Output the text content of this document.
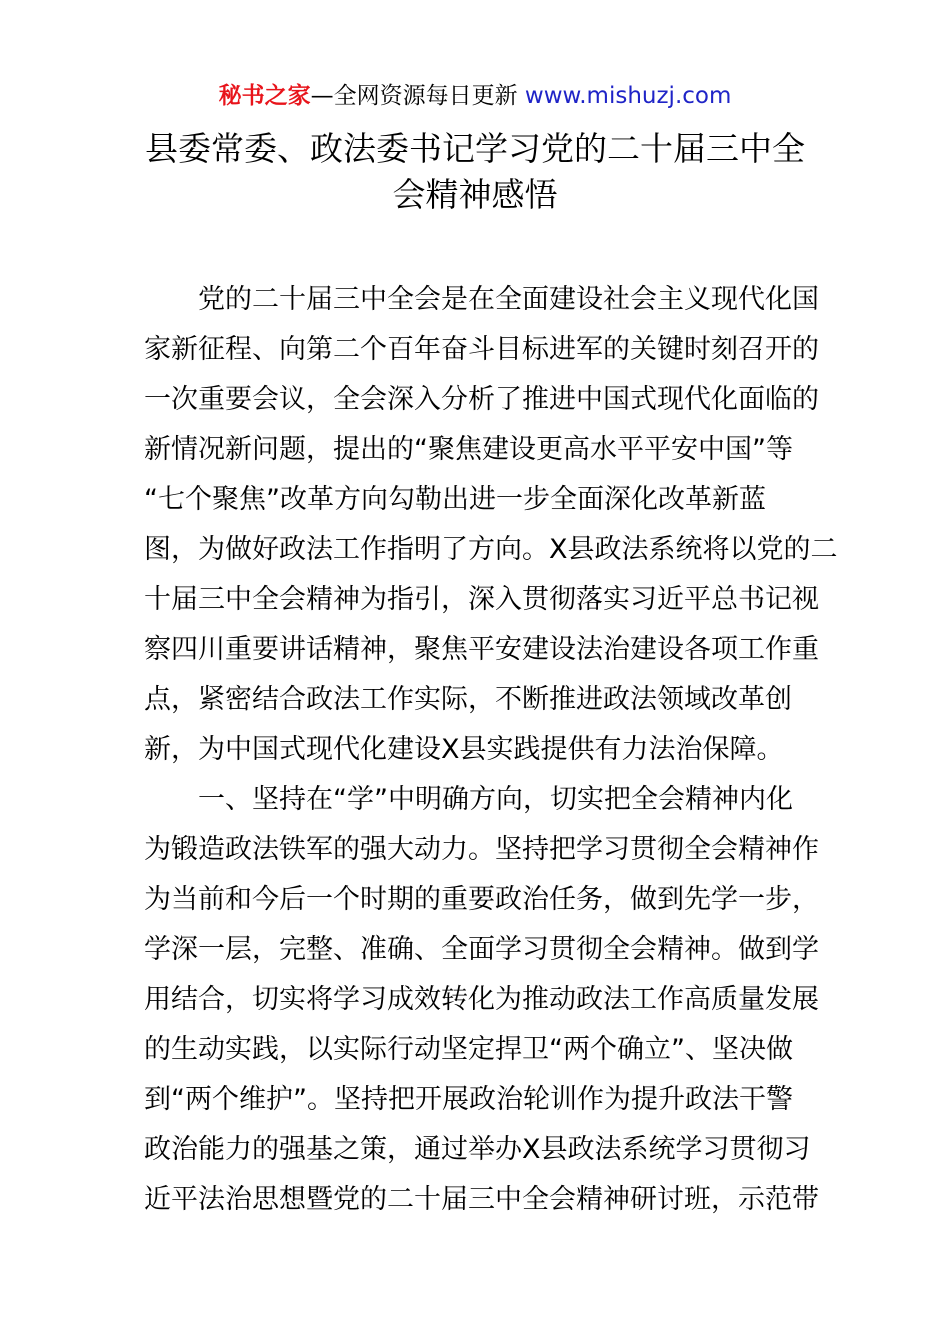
秘书之家—全网资源每日更新 www.mishuzj.com
县委常委、政法委书记学习党的二十届三中全
会精神感悟
党的二十届三中全会是在全面建设社会主义现代化国
家新征程、向第二个百年奋斗目标进军的关键时刻召开的
一次重要会议，全会深入分析了推进中国式现代化面临的
新情况新问题，提出的“聚焦建设更高水平平安中国”等
“七个聚焦”改革方向勾勒出进一步全面深化改革新蓝
图，为做好政法工作指明了方向。X县政法系统将以党的二
十届三中全会精神为指引，深入贯彻落实习近平总书记视
察四川重要讲话精神，聚焦平安建设法治建设各项工作重
点，紧密结合政法工作实际，不断推进政法领域改革创
新，为中国式现代化建设X县实践提供有力法治保障。
一、坚持在“学”中明确方向，切实把全会精神内化
为锻造政法铁军的强大动力。坚持把学习贯彻全会精神作
为当前和今后一个时期的重要政治任务，做到先学一步，
学深一层，完整、准确、全面学习贯彻全会精神。做到学
用结合，切实将学习成效转化为推动政法工作高质量发展
的生动实践，以实际行动坚定捍卫“两个确立”、坚决做
到“两个维护”。坚持把开展政治轮训作为提升政法干警
政治能力的强基之策，通过举办X县政法系统学习贯彻习
近平法治思想暨党的二十届三中全会精神研讨班，示范带
